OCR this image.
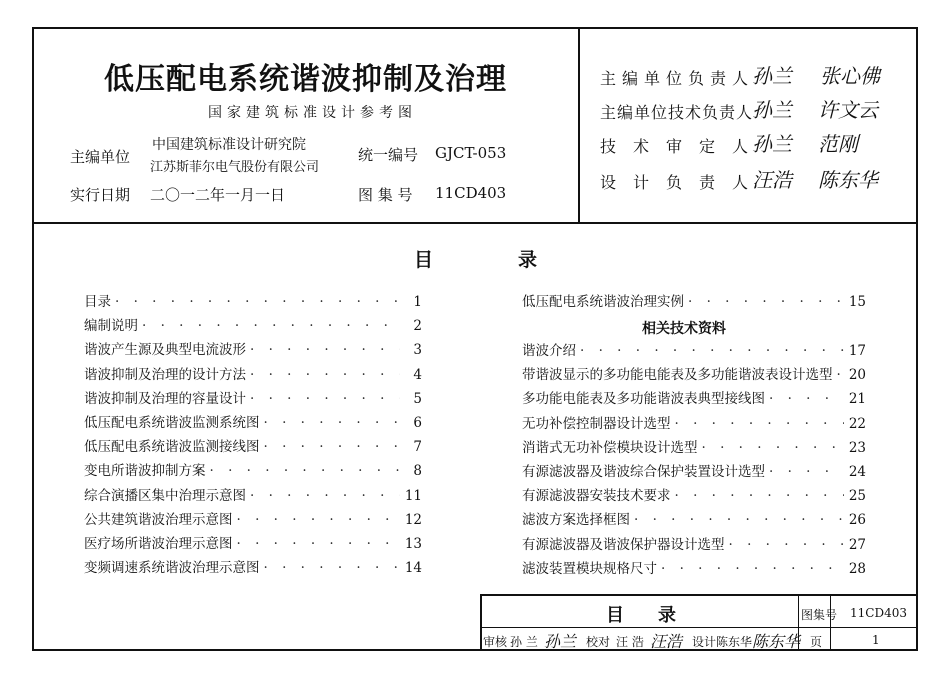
低压配电系统谐波抑制及治理
国家建筑标准设计参考图
主编单位
中国建筑标准设计研究院
江苏斯菲尔电气股份有限公司
统一编号 GJCT-053
实行日期 二〇一二年一月一日	图 集 号 11CD403
主编单位负责人
孙兰 张心佛
主编单位技术负责人
孙兰 许文云
技术审定人
孙兰 范刚
设计负责人
汪浩 陈东华
目	录
目录 · · ·	1
编制说明 · · ·	2
谐波产生源及典型电流波形 · · ·	3
谐波抑制及治理的设计方法 · · ·	4
谐波抑制及治理的容量设计 · · ·	5
低压配电系统谐波监测系统图 · · ·	6
低压配电系统谐波监测接线图 · · ·	7
变电所谐波抑制方案 · · ·	8
综合演播区集中治理示意图 · · ·	11
公共建筑谐波治理示意图 · · ·	12
医疗场所谐波治理示意图 · · ·	13
变频调速系统谐波治理示意图 · · ·	14
低压配电系统谐波治理实例 · · ·	15
谐波介绍 · · ·	17
带谐波显示的多功能电能表及多功能谐波表设计选型 · · · 20
多功能电能表及多功能谐波表典型接线图 · · ·	21
无功补偿控制器设计选型 · · ·	22
消谐式无功补偿模块设计选型 · · ·	23
有源滤波器及谐波综合保护装置设计选型 · · ·	24
有源滤波器安装技术要求 · · ·	25
滤波方案选择框图 · · ·	26
有源滤波器及谐波保护器设计选型 · · ·	27
滤波装置模块规格尺寸 · · ·	28
相关技术资料
目 录	图集号 11CD403
审核 孙 兰 孙兰 校对 汪 浩 汪浩 设计 陈东华 陈东华 页	1
